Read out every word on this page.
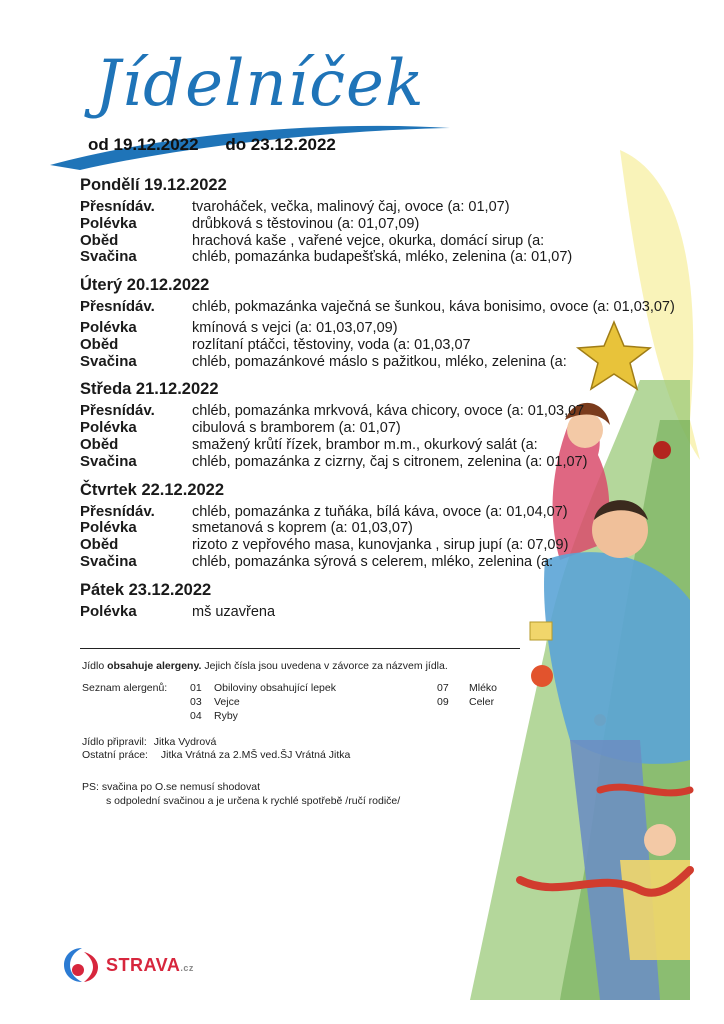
Jídelníček
od 19.12.2022 do 23.12.2022
Pondělí 19.12.2022
Přesnídáv.	tvaroháček, večka, malinový čaj, ovoce (a: 01,07)
Polévka	drůbková s těstovinou (a: 01,07,09)
Oběd	hrachová kaše , vařené vejce, okurka, domácí sirup (a:
Svačina	chléb, pomazánka budapešťská, mléko, zelenina (a: 01,07)
Úterý 20.12.2022
Přesnídáv.	chléb, pokmazánka vaječná se šunkou, káva bonisimo, ovoce (a: 01,03,07)
Polévka	kmínová s vejci (a: 01,03,07,09)
Oběd	rozlítaní ptáčci, těstoviny, voda (a: 01,03,07
Svačina	chléb, pomazánkové máslo s pažitkou, mléko, zelenina (a:
Středa 21.12.2022
Přesnídáv.	chléb, pomazánka mrkvová, káva chicory, ovoce (a: 01,03,07
Polévka	cibulová s bramborem (a: 01,07)
Oběd	smažený krůtí řízek, brambor m.m., okurkový salát (a:
Svačina	chléb, pomazánka z cizrny, čaj s citronem, zelenina (a: 01,07)
Čtvrtek 22.12.2022
Přesnídáv.	chléb, pomazánka z tuňáka, bílá káva, ovoce (a: 01,04,07)
Polévka	smetanová s koprem (a: 01,03,07)
Oběd	rizoto z vepřového masa, kunovjanka , sirup jupí (a: 07,09)
Svačina	chléb, pomazánka sýrová s celerem, mléko, zelenina (a:
Pátek 23.12.2022
Polévka	mš uzavřena
Jídlo obsahuje alergeny. Jejich čísla jsou uvedena v závorce za názvem jídla.
Seznam alergenů: 01 Obiloviny obsahující lepek
03 Vejce
04 Ryby
07 Mléko
09 Celer
Jídlo připravil: Jitka Vydrová
Ostatní práce: Jitka Vrátná za 2.MŠ ved.ŠJ Vrátná Jitka
PS: svačina po O.se nemusí shodovat
s odpolední svačinou a je určena k rychlé spotřebě /ručí rodiče/
STRAVA.cz
